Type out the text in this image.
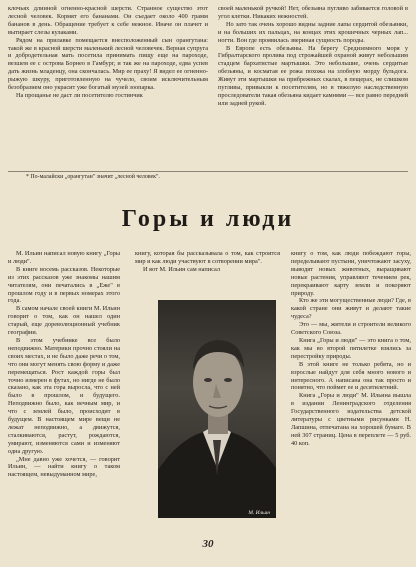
клочьях длинной огненно-красной шерсти. Странное существо этот лесной человек. Кормят его бананами. Он съедает около 400 грамм бананов в день. Обращение требует к себе нежное. Иначе он плачет и вытирает слезы кулаками.

Рядом на прилавке помещается внесположенный сын орангутана: такой же в красной шерсти маленький лесной человечек. Верная супруга и добродетельная мать посетила принимать пищу еще на пароходе, везшем ее с острова Борнео в Гамбург, и так же на пароходе, едва успев дать жизнь младенцу, она скончалась. Мир ее праху! Я видел ее огненно-рыжую шкуру, приготовленную на чучело, своим исключительным безобразием оно украсит уже богатый музей зоопарка.

На прощанье не даст ли посетителю гостинчик

своей маленькой ручкой! Нет, обезьяна пугливо забивается головой в угол клетки. Никаких нежностей.

Но зато так очень хорошо видны задние лапы сердитой обезьянки, и на больших их пальцах, на концах этих крошечных черных лап... ногти. Вон где проявилась звериная сущность породы.

В Европе есть обезьяны. На берегу Средиземного моря у Гибралтарского пролива под строжайшей охраной живут небольшим стадцем бархатистые мартышки. Это небольшие, очень сердитые обезьяны, и косматая ее рожа похожа на злобную морду бульдога. Живут эти мартышки на прибрежных скалах, в пещерах, не слишком пугливы, привыкли к посетителям, но в тяжелую наследственную проследователи такая обезьяна кидает камнями — все равно передней или задней рукой.

* По-малайски „орангутан" значит „лесной человек".
Горы и люди

М. Ильин написал новую книгу „Горы и люди".

В книге восемь рассказов. Некоторые из этих рассказов уже знакомы нашим читателям, они печатались в „Еже" в прошлом году и в первых номерах этого года.

В самом начале своей книги М. Ильин говорит о том, как он нашел один старый, еще дореволюционный учебник географии.

В этом учебнике все было неподвижно. Материки прочно стояли на своих местах, и не было даже речи о том, что они могут менять свою форму и даже перемещаться. Рост каждой горы был точно измерен в футах, но нигде не было сказано, как эта гора выросла, что с ней было в прошлом, и будущего. Неподвижно было, как вечным мир, и что с землей было, происходит в будущем. В настоящем мире вещи не лежат неподвижно, а движутся, сталкиваются, растут, рождаются, умирают, изменяются сами и изменяют одна другую.

„Мне давно уже хочется, — говорит Ильин, — найти книгу о таком настоящем, невыдуманном мире,

книгу, которая бы рассказывала о том, как строится мир и как люди участвуют в сотворении мира".

И вот М. Ильин сам написал

М. Ильин

книгу о том, как люди побеждают горы, переделывают пустыни, уничтожают засуху, выводят новых животных, выращивают новые растения, управляют течением рек, перекраивают карту земли и покоряют природу.

Кто же эти могущественные люди? Где, в какой стране они живут и делают такие чудеса?

Это — мы, жители и строители великого Советского Союза.

Книга „Горы и люди" — это книга о том, как мы во второй пятилетке взялись за перестройку природы.

В этой книге не только ребята, но и взрослые найдут для себя много нового и интересного. А написана она так просто и понятно, что поймет ее и десятилетний.

Книга „Горы и люди" М. Ильина вышла в издании Ленинградского отделения Государственного издательства детской литературы с цветными рисунками Н. Лапшина, отпечатана на хорошей бумаге. В ней 307 страниц. Цена в переплете — 5 руб. 40 коп.

30
